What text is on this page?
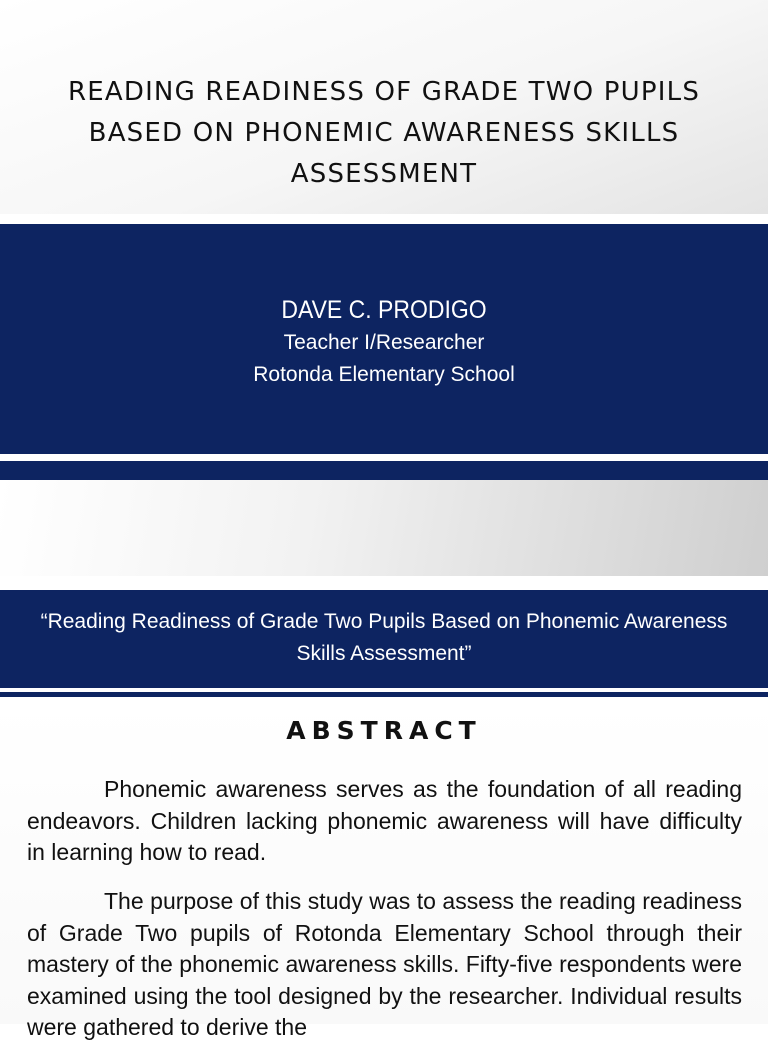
READING READINESS OF GRADE TWO PUPILS BASED ON PHONEMIC AWARENESS SKILLS ASSESSMENT
DAVE C. PRODIGO
Teacher I/Researcher
Rotonda Elementary School

“Reading Readiness of Grade Two Pupils Based on Phonemic Awareness Skills Assessment”

ABSTRACT

Phonemic awareness serves as the foundation of all reading endeavors. Children lacking phonemic awareness will have difficulty in learning how to read.

The purpose of this study was to assess the reading readiness of Grade Two pupils of Rotonda Elementary School through their mastery of the phonemic awareness skills. Fifty-five respondents were examined using the tool designed by the researcher. Individual results were gathered to derive the
